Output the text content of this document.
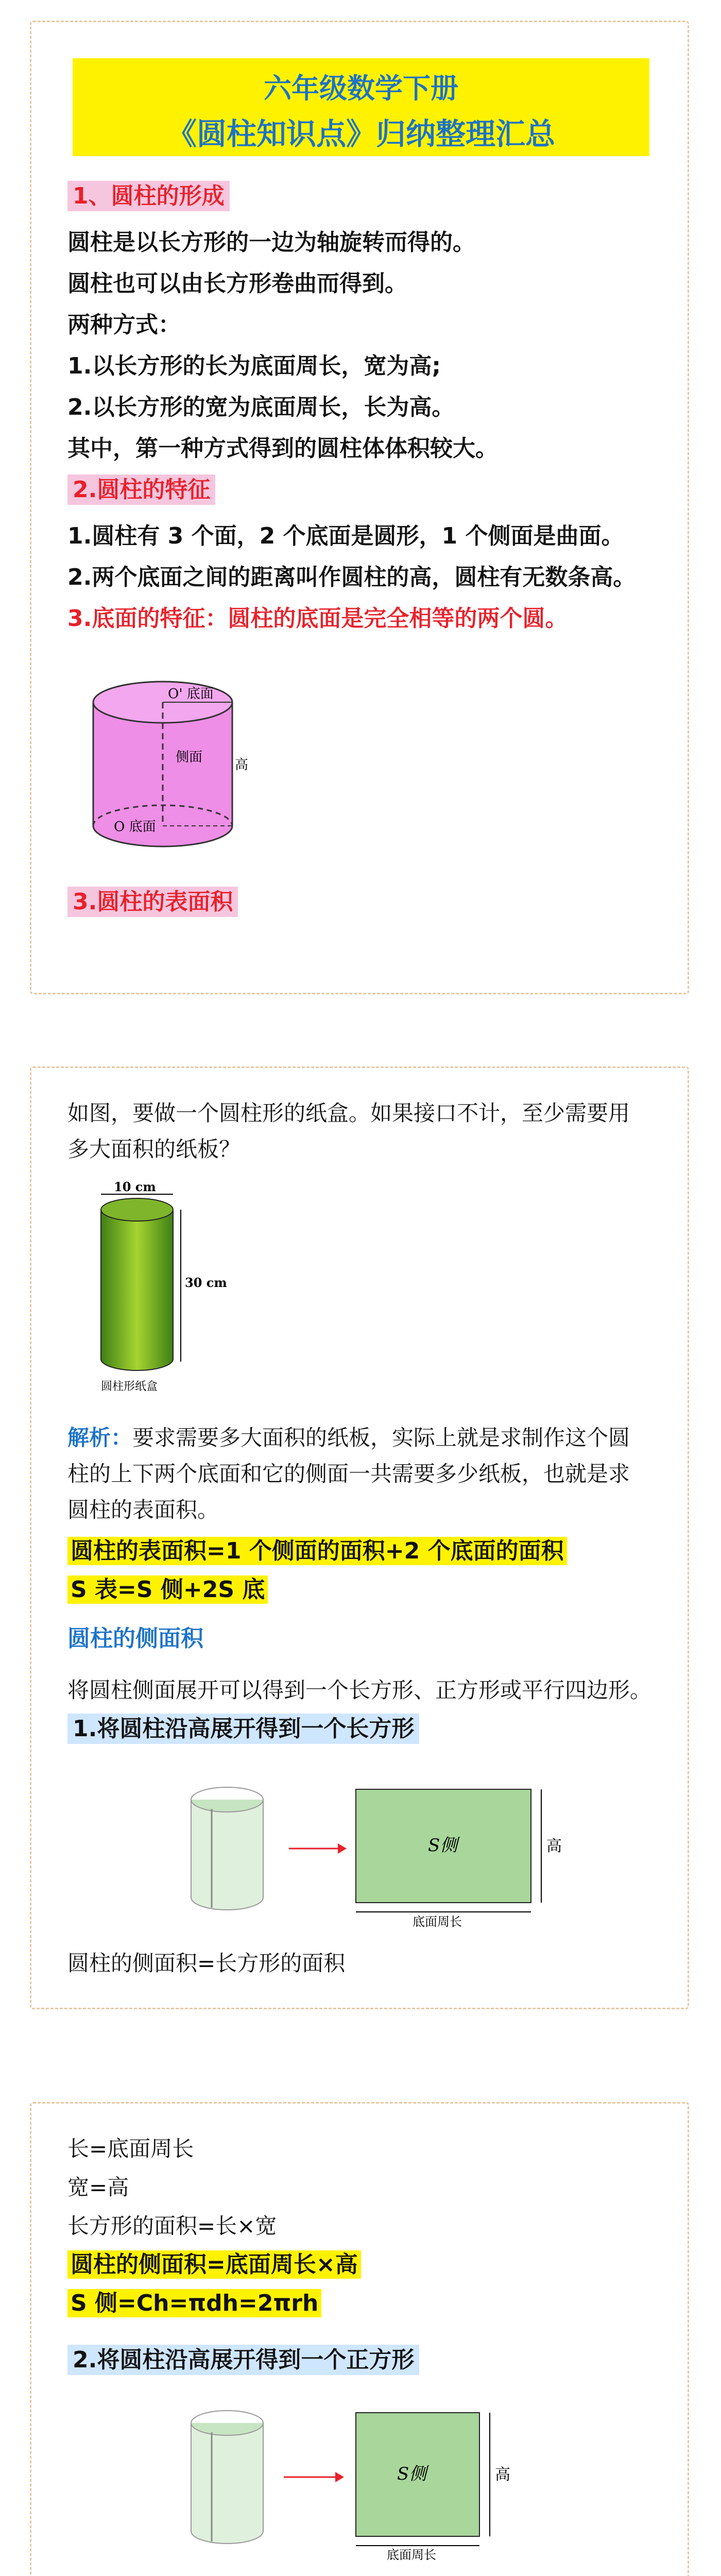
六年级数学下册
《圆柱知识点》归纳整理汇总
1、圆柱的形成
圆柱是以长方形的一边为轴旋转而得的。
圆柱也可以由长方形卷曲而得到。
两种方式：
1.以长方形的长为底面周长，宽为高;
2.以长方形的宽为底面周长，长为高。
其中，第一种方式得到的圆柱体体积较大。
2.圆柱的特征
1.圆柱有 3 个面，2 个底面是圆形，1 个侧面是曲面。
2.两个底面之间的距离叫作圆柱的高，圆柱有无数条高。
3.底面的特征：圆柱的底面是完全相等的两个圆。
O' 底面
侧面 高
O 底面
3.圆柱的表面积
如图，要做一个圆柱形的纸盒。如果接口不计，至少需要用
多大面积的纸板？
10 cm
30 cm
圆柱形纸盒
解析：要求需要多大面积的纸板，实际上就是求制作这个圆
柱的上下两个底面和它的侧面一共需要多少纸板，也就是求
圆柱的表面积。
圆柱的表面积=1 个侧面的面积+2 个底面的面积
S 表=S 侧+2S 底
圆柱的侧面积
将圆柱侧面展开可以得到一个长方形、正方形或平行四边形。
1.将圆柱沿高展开得到一个长方形
S侧	高
底面周长
圆柱的侧面积=长方形的面积
长=底面周长
宽=高
长方形的面积=长×宽
圆柱的侧面积=底面周长×高
S 侧=Ch=πdh=2πrh
2.将圆柱沿高展开得到一个正方形
S侧	高
底面周长
